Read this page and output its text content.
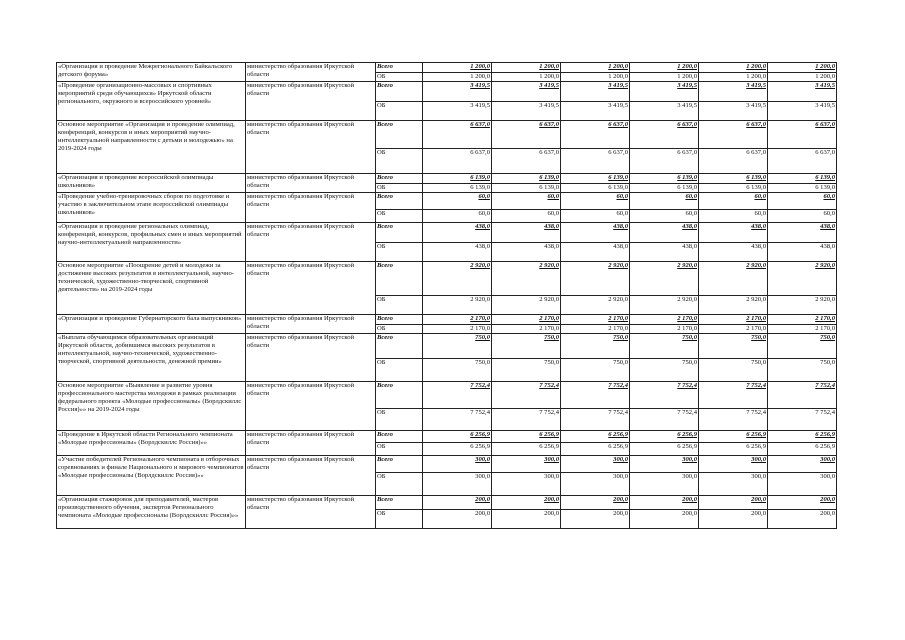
«Организация и проведение Межрегионального Байкальского детского форума»	министерство образования Иркутской области	Всего	1 200,0	1 200,0	1 200,0	1 200,0	1 200,0	1 200,0
		ОБ	1 200,0	1 200,0	1 200,0	1 200,0	1 200,0	1 200,0
«Проведение организационно-массовых и спортивных мероприятий среди обучающихся» Иркутской области регионального, окружного и всероссийского уровней»	министерство образования Иркутской области	Всего	3 419,5	3 419,5	3 419,5	3 419,5	3 419,5	3 419,5
		ОБ	3 419,5	3 419,5	3 419,5	3 419,5	3 419,5	3 419,5
Основное мероприятие «Организация и проведение олимпиад, конференций, конкурсов и иных мероприятий научно-интеллектуальной направленности с детьми и молодежью» на 2019-2024 годы	министерство образования Иркутской области	Всего	6 637,0	6 637,0	6 637,0	6 637,0	6 637,0	6 637,0
		ОБ	6 637,0	6 637,0	6 637,0	6 637,0	6 637,0	6 637,0
«Организация и проведение всероссийской олимпиады школьников»	министерство образования Иркутской области	Всего	6 139,0	6 139,0	6 139,0	6 139,0	6 139,0	6 139,0
		ОБ	6 139,0	6 139,0	6 139,0	6 139,0	6 139,0	6 139,0
«Проведение учебно-тренировочных сборов по подготовке и участию в заключительном этапе всероссийской олимпиады школьников»	министерство образования Иркутской области	Всего	60,0	60,0	60,0	60,0	60,0	60,0
		ОБ	60,0	60,0	60,0	60,0	60,0	60,0
«Организация и проведение региональных олимпиад, конференций, конкурсов, профильных смен и иных мероприятий научно-интеллектуальной направленности»	министерство образования Иркутской области	Всего	438,0	438,0	438,0	438,0	438,0	438,0
		ОБ	438,0	438,0	438,0	438,0	438,0	438,0
Основное мероприятие «Поощрение детей и молодежи за достижение высоких результатов в интеллектуальной, научно-технической, художественно-творческой, спортивной деятельности» на 2019-2024 годы	министерство образования Иркутской области	Всего	2 920,0	2 920,0	2 920,0	2 920,0	2 920,0	2 920,0
		ОБ	2 920,0	2 920,0	2 920,0	2 920,0	2 920,0	2 920,0
«Организация и проведение Губернаторского бала выпускников»	министерство образования Иркутской области	Всего	2 170,0	2 170,0	2 170,0	2 170,0	2 170,0	2 170,0
		ОБ	2 170,0	2 170,0	2 170,0	2 170,0	2 170,0	2 170,0
«Выплата обучающимся образовательных организаций Иркутской области, добившимся высоких результатов в интеллектуальной, научно-технической, художественно-творческой, спортивной деятельности, денежной премии»	министерство образования Иркутской области	Всего	750,0	750,0	750,0	750,0	750,0	750,0
		ОБ	750,0	750,0	750,0	750,0	750,0	750,0
Основное мероприятие «Выявление и развитие уровня профессионального мастерства молодежи в рамках реализации федерального проекта «Молодые профессионалы» (Ворлдскиллс Россия)»» на 2019-2024 годы	министерство образования Иркутской области	Всего	7 752,4	7 752,4	7 752,4	7 752,4	7 752,4	7 752,4
		ОБ	7 752,4	7 752,4	7 752,4	7 752,4	7 752,4	7 752,4
«Проведение в Иркутской области Регионального чемпионата «Молодые профессионалы» (Ворлдскиллс Россия)»»	министерство образования Иркутской области	Всего	6 256,9	6 256,9	6 256,9	6 256,9	6 256,9	6 256,9
		ОБ	6 256,9	6 256,9	6 256,9	6 256,9	6 256,9	6 256,9
«Участие победителей Регионального чемпионата в отборочных соревнованиях и финале Национального и мирового чемпионатов «Молодые профессионалы (Ворлдскиллс Россия)»»	министерство образования Иркутской области	Всего	300,0	300,0	300,0	300,0	300,0	300,0
		ОБ	300,0	300,0	300,0	300,0	300,0	300,0
«Организация стажировок для преподавателей, мастеров производственного обучения, экспертов Регионального чемпионата «Молодые профессионалы (Ворлдскиллс Россия)»»	министерство образования Иркутской области	Всего	200,0	200,0	200,0	200,0	200,0	200,0
		ОБ	200,0	200,0	200,0	200,0	200,0	200,0
